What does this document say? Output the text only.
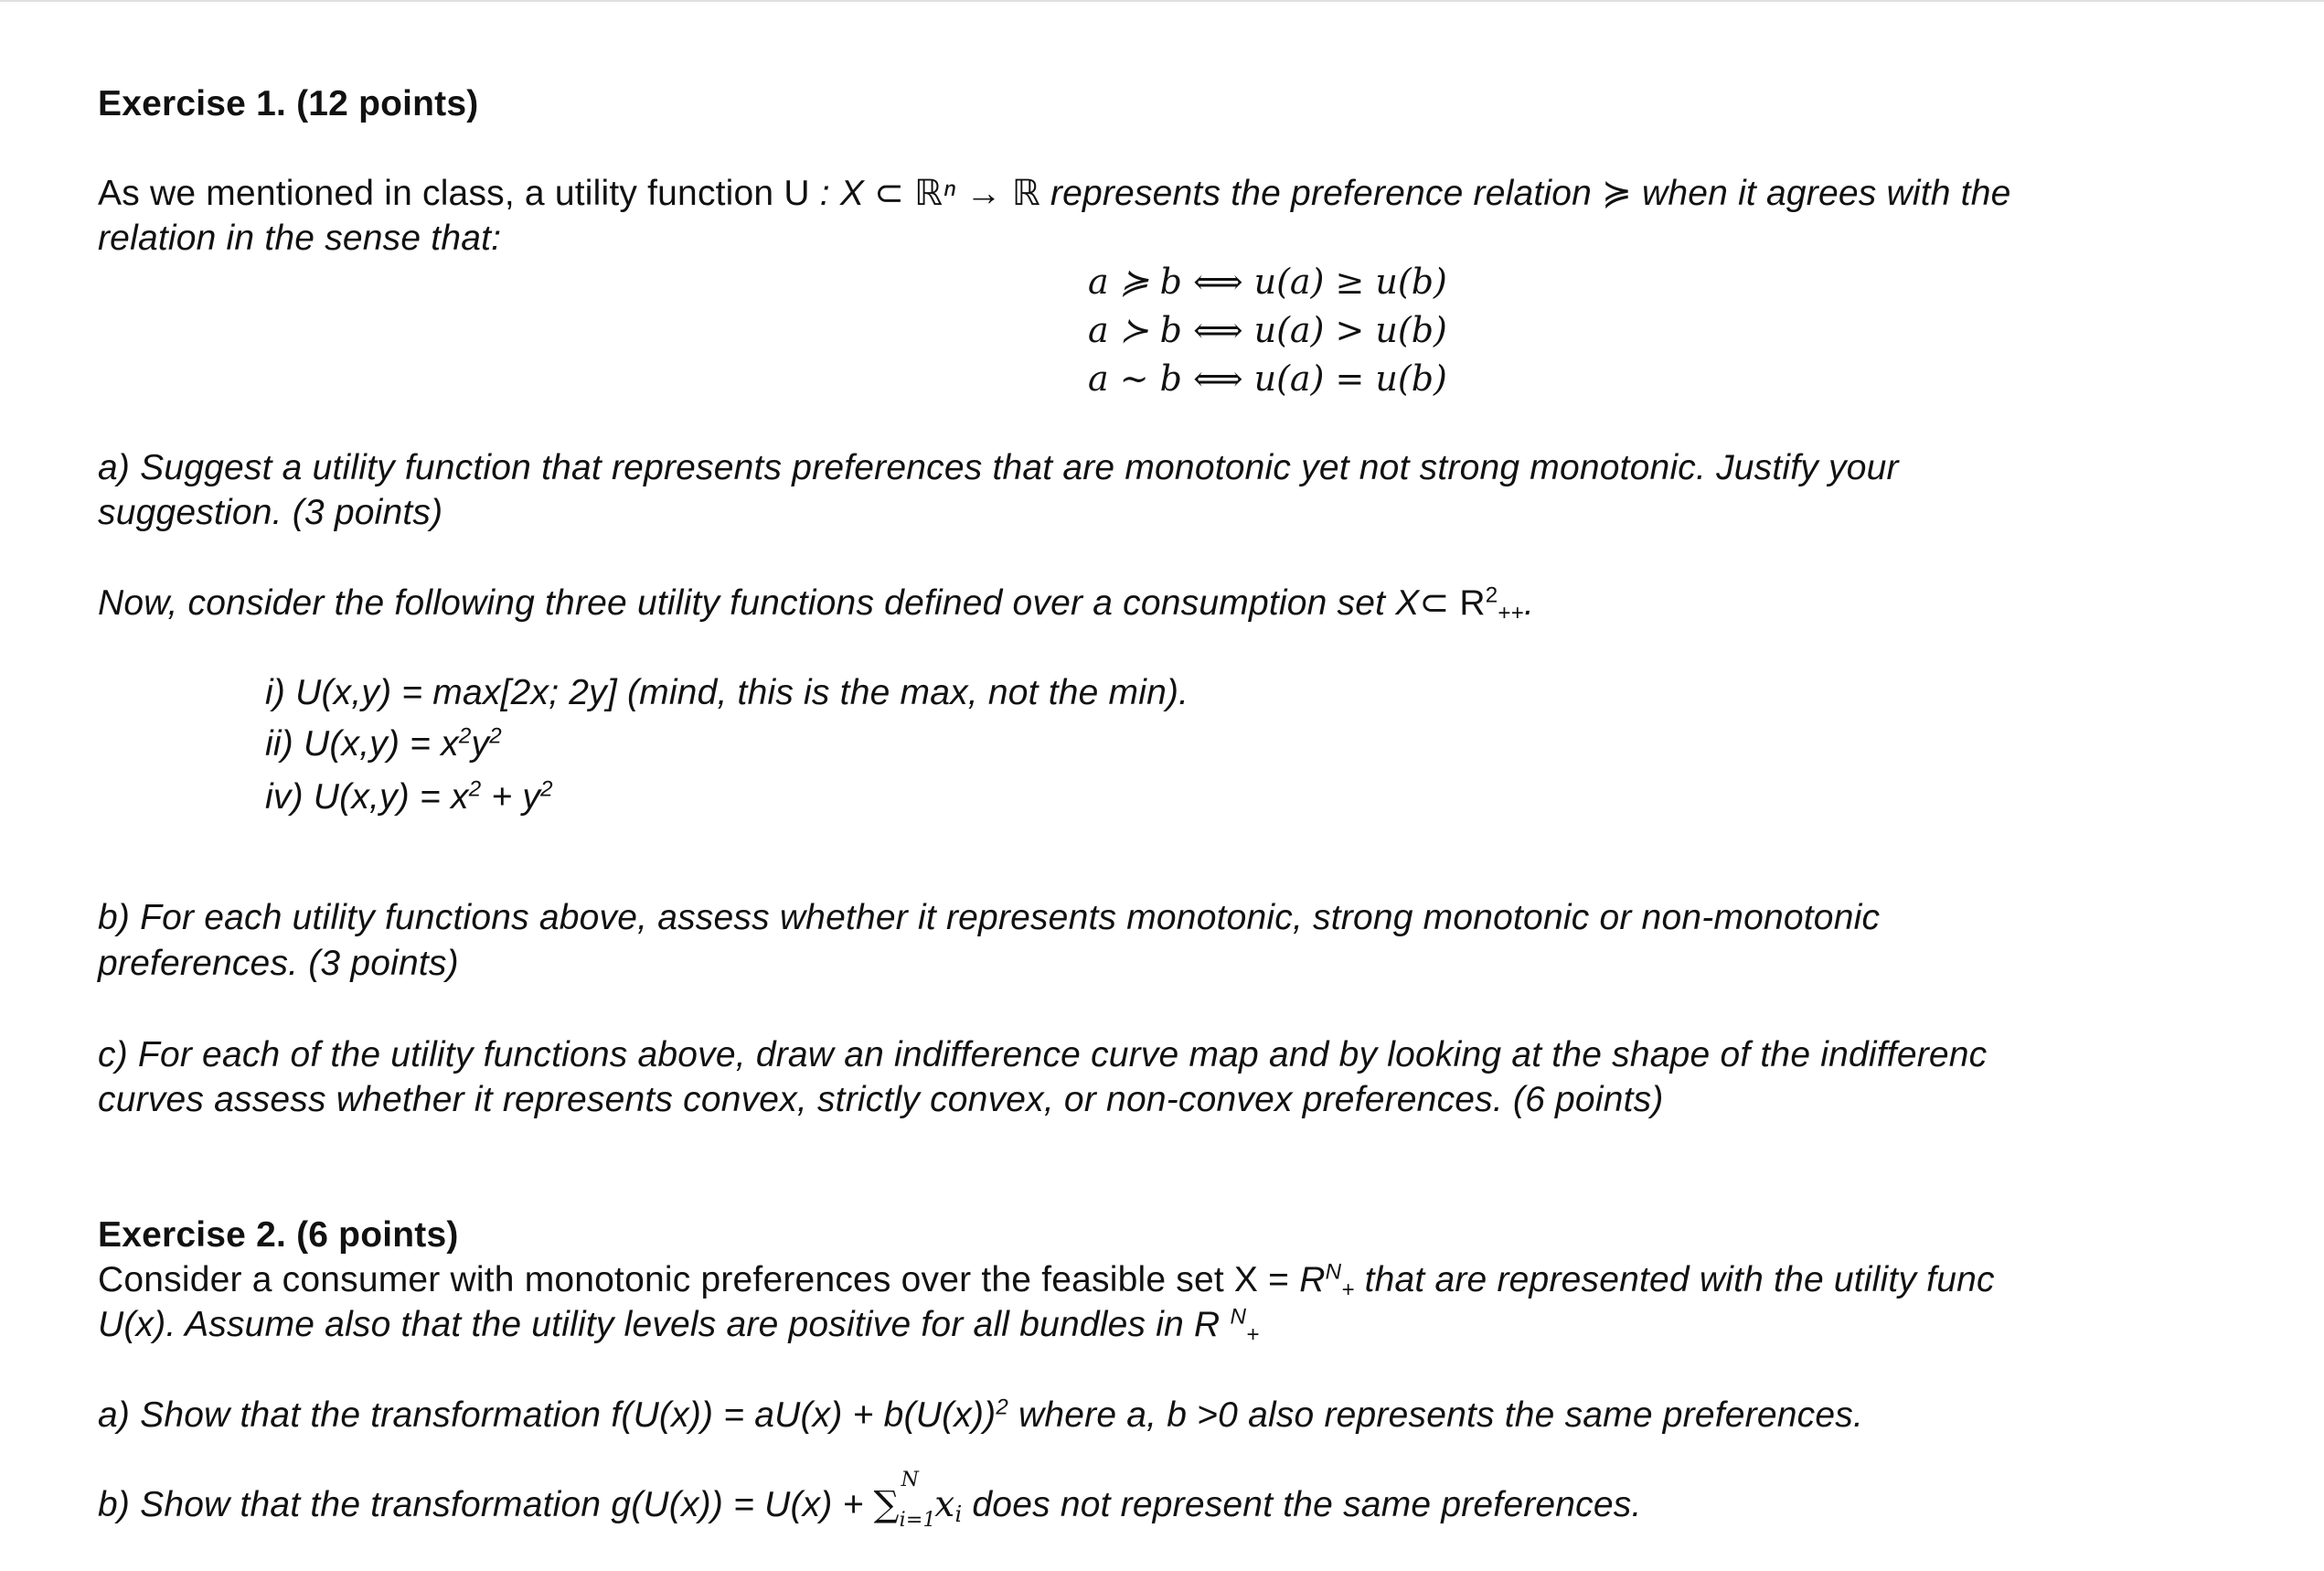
Exercise 1. (12 points)
As we mentioned in class, a utility function U : X ⊂ ℝⁿ → ℝ represents the preference relation ≽ when it agrees with the
relation in the sense that:
a ≽ b ⟺ u(a) ≥ u(b)
a ≻ b ⟺ u(a) > u(b)
a ∼ b ⟺ u(a) = u(b)
a) Suggest a utility function that represents preferences that are monotonic yet not strong monotonic. Justify your
suggestion. (3 points)
Now, consider the following three utility functions defined over a consumption set X⊂ $R^2_{++}$.
i) U(x,y) = max[2x; 2y] (mind, this is the max, not the min).
ii) $U(x,y) = x^2y^2$
iv) $U(x,y) = x^2 + y^2$
b) For each utility functions above, assess whether it represents monotonic, strong monotonic or non-monotonic
preferences. (3 points)
c) For each of the utility functions above, draw an indifference curve map and by looking at the shape of the indifferenc
curves assess whether it represents convex, strictly convex, or non-convex preferences. (6 points)
Exercise 2. (6 points)
Consider a consumer with monotonic preferences over the feasible set $X = R^N_+$ that are represented with the utility func
U(x). Assume also that the utility levels are positive for all bundles in R $^N_+$
a) Show that the transformation $f(U(x)) = aU(x) + b(U(x))^2$ where a, b >0 also represents the same preferences.
b) Show that the transformation g(U(x)) = U(x) + ∑
N
i=1
$x_i$ does not represent the same preferences.
